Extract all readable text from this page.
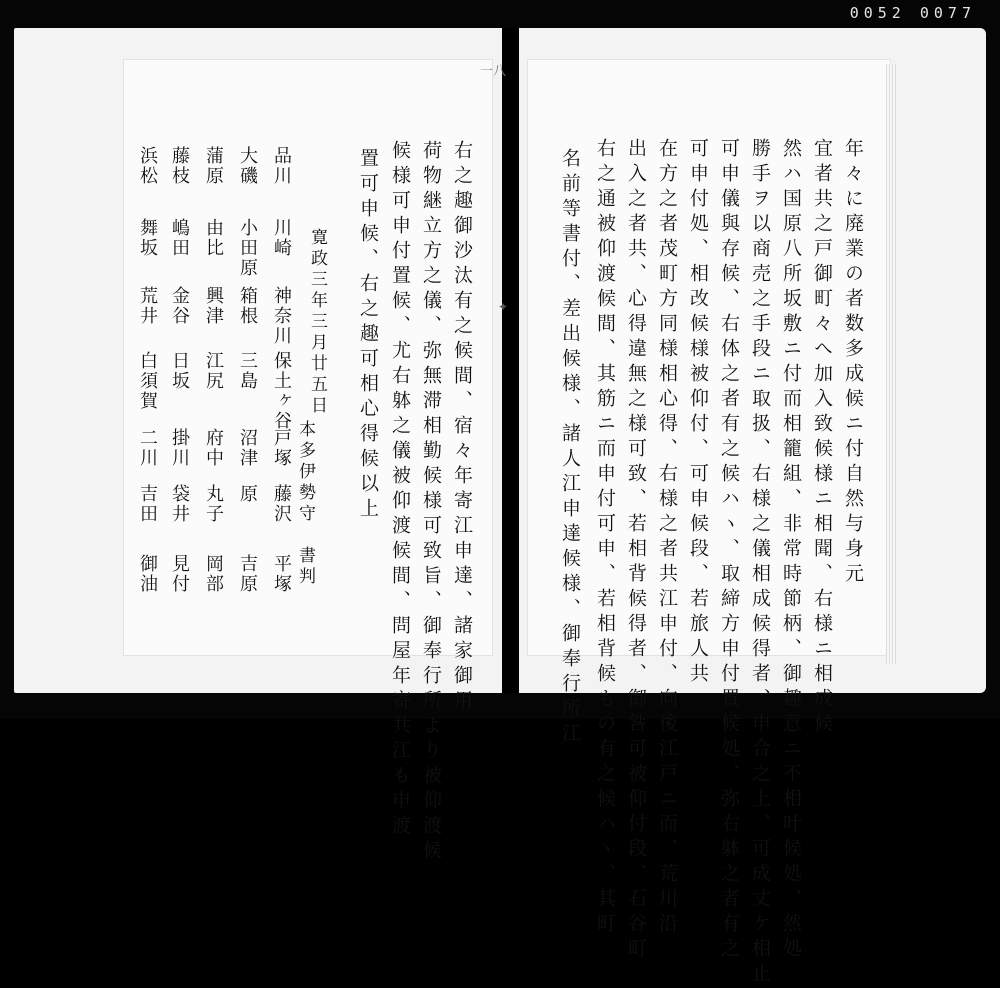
0052 0077
一八
✦	年々に廃業の者数多成候ニ付自然与身元
宜者共之戸御町々へ加入致候様ニ相聞、右様ニ相成候
然ハ国原八所坂敷ニ付而相籠組、非常時節柄、御趣意ニ不相叶候処、然処
勝手ヲ以商売之手段ニ取扱、右様之儀相成候得者、申合之上、可成丈ケ相止
可申儀與存候、右体之者有之候ハヽ、取締方申付置候処、弥右躰之者有之
可申付処、相改候様被仰付、可申候段、若旅人共
在方之者茂町方同様相心得、右様之者共江申付、向後江戸ニ而、荒川沿
出入之者共、心得違無之様可致、若相背候得者、御咎可被仰付段、石谷町
右之通被仰渡候間、其筋ニ而申付可申、若相背候もの有之候ハヽ、其町
名前等書付、差出候様、諸人江申達候様、御奉行所江
右之趣御沙汰有之候間、宿々年寄江申達、諸家御用
荷物継立方之儀、弥無滞相勤候様可致旨、御奉行所より被仰渡候
候様可申付置候、尤右躰之儀被仰渡候間、問屋年寄共江も申渡
置可申候、右之趣可相心得候以上
寛政三年三月廿五日
本多伊勢守　書判
品川
川崎
神奈川
保土ヶ谷
戸塚
藤沢
平塚
大磯
小田原
箱根
三島
沼津
原
吉原
蒲原
由比
興津
江尻
府中
丸子
岡部
藤枝
嶋田
金谷
日坂
掛川
袋井
見付
浜松
舞坂
荒井
白須賀
二川
吉田
御油
